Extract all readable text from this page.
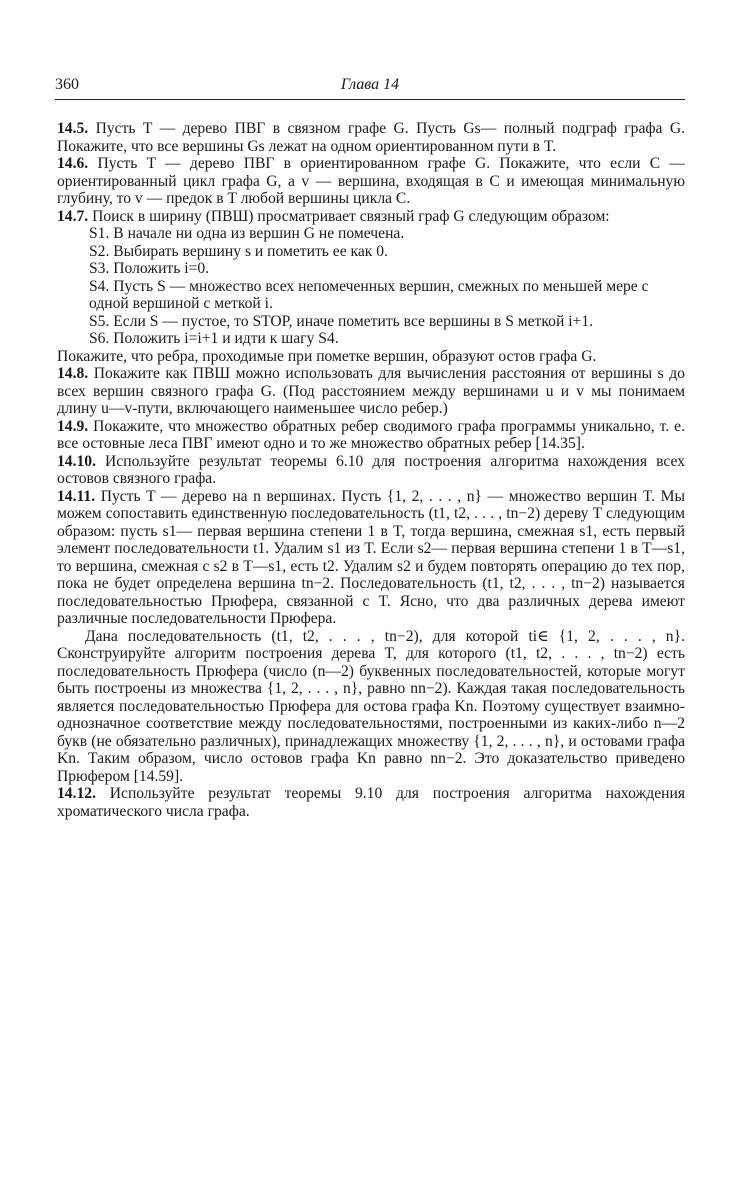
360	Глава 14

14.5. Пусть T — дерево ПВГ в связном графе G. Пусть Gs— полный подграф графа G. Покажите, что все вершины Gs лежат на одном ориентированном пути в T.

14.6. Пусть T — дерево ПВГ в ориентированном графе G. Покажите, что если C — ориентированный цикл графа G, a v — вершина, входящая в C и имеющая минимальную глубину, то v — предок в T любой вершины цикла C.

14.7. Поиск в ширину (ПВШ) просматривает связный граф G следующим образом:

S1. В начале ни одна из вершин G не помечена.

S2. Выбирать вершину s и пометить ее как 0.

S3. Положить i=0.

S4. Пусть S — множество всех непомеченных вершин, смежных по меньшей мере с одной вершиной с меткой i.

S5. Если S — пустое, то STOP, иначе пометить все вершины в S меткой i+1.

S6. Положить i=i+1 и идти к шагу S4.

Покажите, что ребра, проходимые при пометке вершин, образуют остов графа G.

14.8. Покажите как ПВШ можно использовать для вычисления расстояния от вершины s до всех вершин связного графа G. (Под расстоянием между вершинами u и v мы понимаем длину u—v-пути, включающего наименьшее число ребер.)

14.9. Покажите, что множество обратных ребер сводимого графа программы уникально, т. е. все остовные леса ПВГ имеют одно и то же множество обратных ребер [14.35].

14.10. Используйте результат теоремы 6.10 для построения алгоритма нахождения всех остовов связного графа.

14.11. Пусть T — дерево на n вершинах. Пусть {1, 2, . . . , n} — множество вершин T. Мы можем сопоставить единственную последовательность (t1, t2, . . . , tn−2) дереву T следующим образом: пусть s1— первая вершина степени 1 в T, тогда вершина, смежная s1, есть первый элемент последовательности t1. Удалим s1 из T. Если s2— первая вершина степени 1 в T—s1, то вершина, смежная с s2 в T—s1, есть t2. Удалим s2 и будем повторять операцию до тех пор, пока не будет определена вершина tn−2. Последовательность (t1, t2, . . . , tn−2) называется последовательностью Прюфера, связанной с T. Ясно, что два различных дерева имеют различные последовательности Прюфера.

Дана последовательность (t1, t2, . . . , tn−2), для которой ti∈ {1, 2, . . . , n}. Сконструируйте алгоритм построения дерева T, для которого (t1, t2, . . . , tn−2) есть последовательность Прюфера (число (n—2) буквенных последовательностей, которые могут быть построены из множества {1, 2, . . . , n}, равно nn−2). Каждая такая последовательность является последовательностью Прюфера для остова графа Kn. Поэтому существует взаимно-однозначное соответствие между последовательностями, построенными из каких-либо n—2 букв (не обязательно различных), принадлежащих множеству {1, 2, . . . , n}, и остовами графа Kn. Таким образом, число остовов графа Kn равно nn−2. Это доказательство приведено Прюфером [14.59].

14.12. Используйте результат теоремы 9.10 для построения алгоритма нахождения хроматического числа графа.
